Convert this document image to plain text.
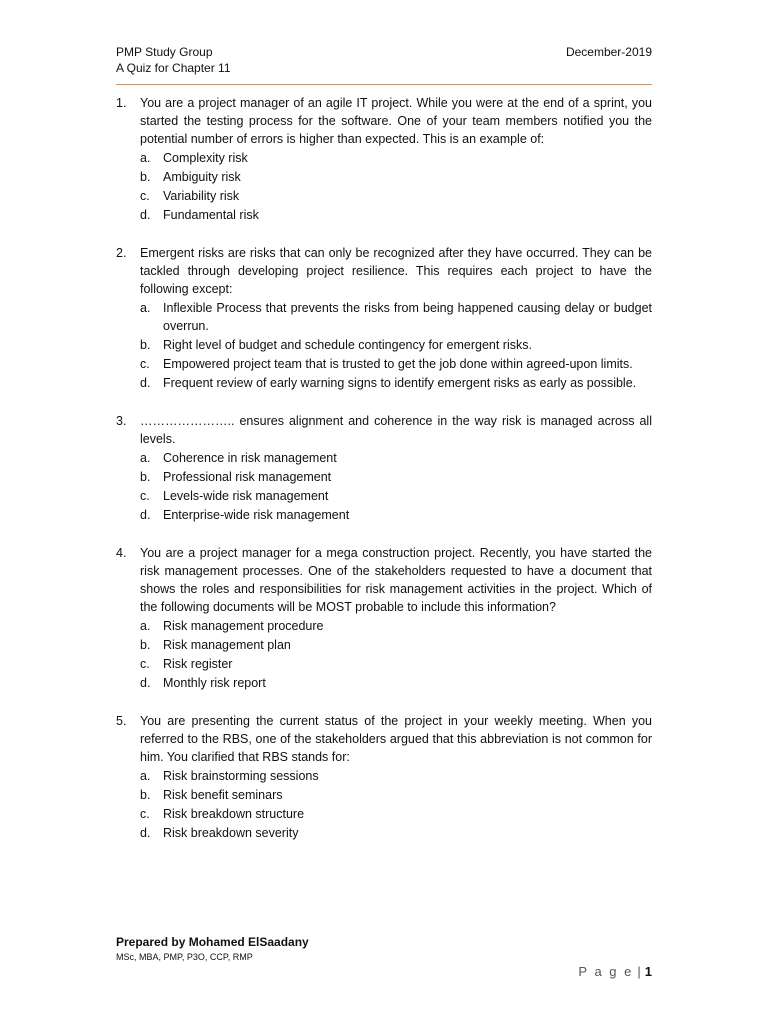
PMP Study Group
A Quiz for Chapter 11
December-2019
1. You are a project manager of an agile IT project. While you were at the end of a sprint, you started the testing process for the software. One of your team members notified you the potential number of errors is higher than expected. This is an example of:
a. Complexity risk
b. Ambiguity risk
c. Variability risk
d. Fundamental risk
2. Emergent risks are risks that can only be recognized after they have occurred. They can be tackled through developing project resilience. This requires each project to have the following except:
a. Inflexible Process that prevents the risks from being happened causing delay or budget overrun.
b. Right level of budget and schedule contingency for emergent risks.
c. Empowered project team that is trusted to get the job done within agreed-upon limits.
d. Frequent review of early warning signs to identify emergent risks as early as possible.
3. ………………….. ensures alignment and coherence in the way risk is managed across all levels.
a. Coherence in risk management
b. Professional risk management
c. Levels-wide risk management
d. Enterprise-wide risk management
4. You are a project manager for a mega construction project. Recently, you have started the risk management processes. One of the stakeholders requested to have a document that shows the roles and responsibilities for risk management activities in the project. Which of the following documents will be MOST probable to include this information?
a. Risk management procedure
b. Risk management plan
c. Risk register
d. Monthly risk report
5. You are presenting the current status of the project in your weekly meeting. When you referred to the RBS, one of the stakeholders argued that this abbreviation is not common for him. You clarified that RBS stands for:
a. Risk brainstorming sessions
b. Risk benefit seminars
c. Risk breakdown structure
d. Risk breakdown severity
Prepared by Mohamed ElSaadany
MSc, MBA, PMP, P3O, CCP, RMP
P a g e | 1
